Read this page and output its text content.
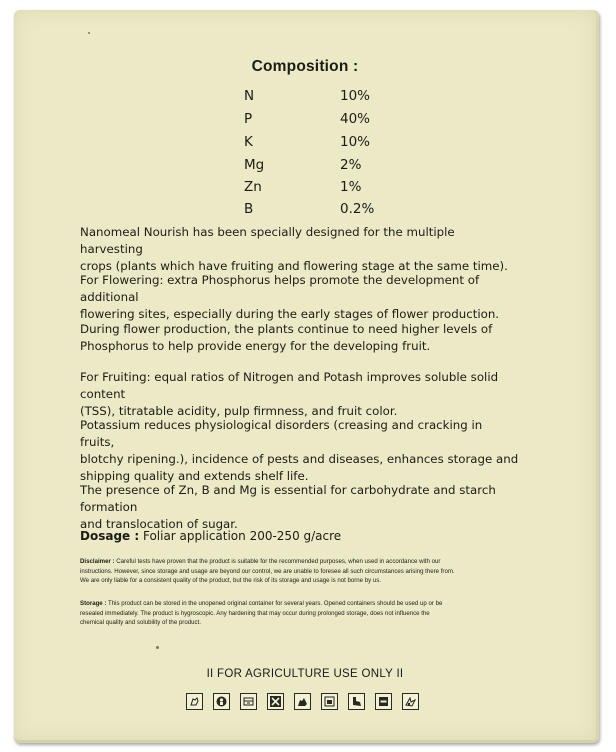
Composition :
N	10%
P	40%
K	10%
Mg	2%
Zn	1%
B	0.2%
Nanomeal Nourish has been specially designed for the multiple harvesting
crops (plants which have fruiting and flowering stage at the same time).
For Flowering: extra Phosphorus helps promote the development of additional
flowering sites, especially during the early stages of flower production.
During flower production, the plants continue to need higher levels of
Phosphorus to help provide energy for the developing fruit.
For Fruiting: equal ratios of Nitrogen and Potash improves soluble solid content
(TSS), titratable acidity, pulp firmness, and fruit color.
Potassium reduces physiological disorders (creasing and cracking in fruits,
blotchy ripening.), incidence of pests and diseases, enhances storage and
shipping quality and extends shelf life.
The presence of Zn, B and Mg is essential for carbohydrate and starch formation
and translocation of sugar.
Dosage : Foliar application 200-250 g/acre
Disclaimer : Careful tests have proven that the product is suitable for the recommended purposes, when used in accordance with our
instructions. However, since storage and usage are beyond our control, we are unable to foresee all such circumstances arising there from.
We are only liable for a consistent quality of the product, but the risk of its storage and usage is not borne by us.
Storage : This product can be stored in the unopened original container for several years. Opened containers should be used up or be
resealed immediately. The product is hygroscopic. Any hardening that may occur during prolonged storage, does not influence the
chemical quality and solubility of the product.
II FOR AGRICULTURE USE ONLY II
